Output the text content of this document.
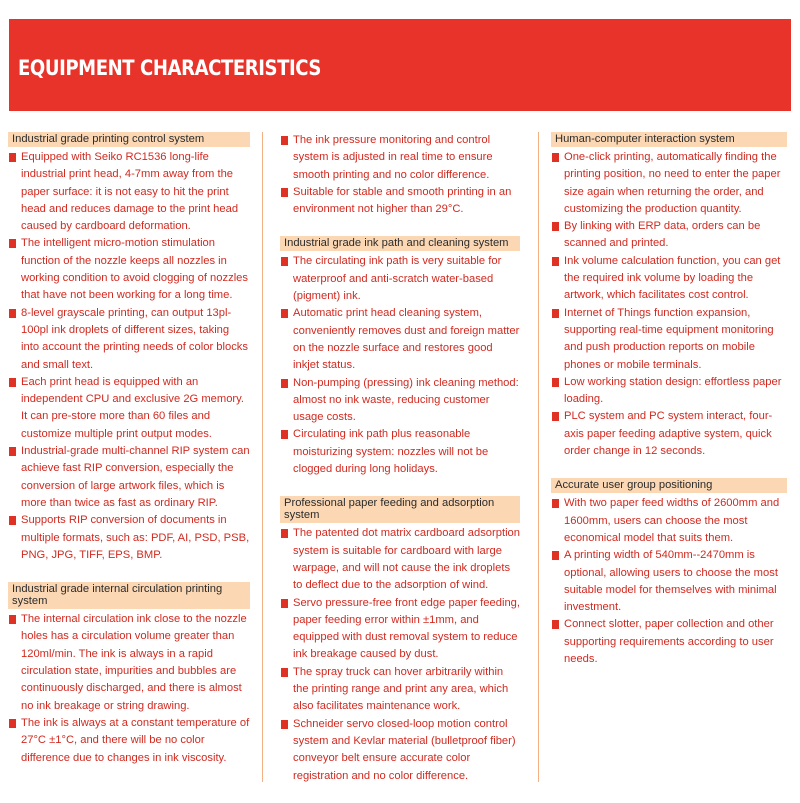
EQUIPMENT CHARACTERISTICS
Industrial grade printing control system
Equipped with Seiko RC1536 long-life industrial print head, 4-7mm away from the paper surface: it is not easy to hit the print head and reduces damage to the print head caused by cardboard deformation.
The intelligent micro-motion stimulation function of the nozzle keeps all nozzles in working condition to avoid clogging of nozzles that have not been working for a long time.
8-level grayscale printing, can output 13pl-100pl ink droplets of different sizes, taking into account the printing needs of color blocks and small text.
Each print head is equipped with an independent CPU and exclusive 2G memory. It can pre-store more than 60 files and customize multiple print output modes.
Industrial-grade multi-channel RIP system can achieve fast RIP conversion, especially the conversion of large artwork files, which is more than twice as fast as ordinary RIP.
Supports RIP conversion of documents in multiple formats, such as: PDF, AI, PSD, PSB, PNG, JPG, TIFF, EPS, BMP.
Industrial grade internal circulation printing system
The internal circulation ink close to the nozzle holes has a circulation volume greater than 120ml/min. The ink is always in a rapid circulation state, impurities and bubbles are continuously discharged, and there is almost no ink breakage or string drawing.
The ink is always at a constant temperature of 27°C ±1°C, and there will be no color difference due to changes in ink viscosity.
The ink pressure monitoring and control system is adjusted in real time to ensure smooth printing and no color difference.
Suitable for stable and smooth printing in an environment not higher than 29°C.
Industrial grade ink path and cleaning system
The circulating ink path is very suitable for waterproof and anti-scratch water-based (pigment) ink.
Automatic print head cleaning system, conveniently removes dust and foreign matter on the nozzle surface and restores good inkjet status.
Non-pumping (pressing) ink cleaning method: almost no ink waste, reducing customer usage costs.
Circulating ink path plus reasonable moisturizing system: nozzles will not be clogged during long holidays.
Professional paper feeding and adsorption system
The patented dot matrix cardboard adsorption system is suitable for cardboard with large warpage, and will not cause the ink droplets to deflect due to the adsorption of wind.
Servo pressure-free front edge paper feeding, paper feeding error within ±1mm, and equipped with dust removal system to reduce ink breakage caused by dust.
The spray truck can hover arbitrarily within the printing range and print any area, which also facilitates maintenance work.
Schneider servo closed-loop motion control system and Kevlar material (bulletproof fiber) conveyor belt ensure accurate color registration and no color difference.
Human-computer interaction system
One-click printing, automatically finding the printing position, no need to enter the paper size again when returning the order, and customizing the production quantity.
By linking with ERP data, orders can be scanned and printed.
Ink volume calculation function, you can get the required ink volume by loading the artwork, which facilitates cost control.
Internet of Things function expansion, supporting real-time equipment monitoring and push production reports on mobile phones or mobile terminals.
Low working station design: effortless paper loading.
PLC system and PC system interact, four-axis paper feeding adaptive system, quick order change in 12 seconds.
Accurate user group positioning
With two paper feed widths of 2600mm and 1600mm, users can choose the most economical model that suits them.
A printing width of 540mm--2470mm is optional, allowing users to choose the most suitable model for themselves with minimal investment.
Connect slotter, paper collection and other supporting requirements according to user needs.
